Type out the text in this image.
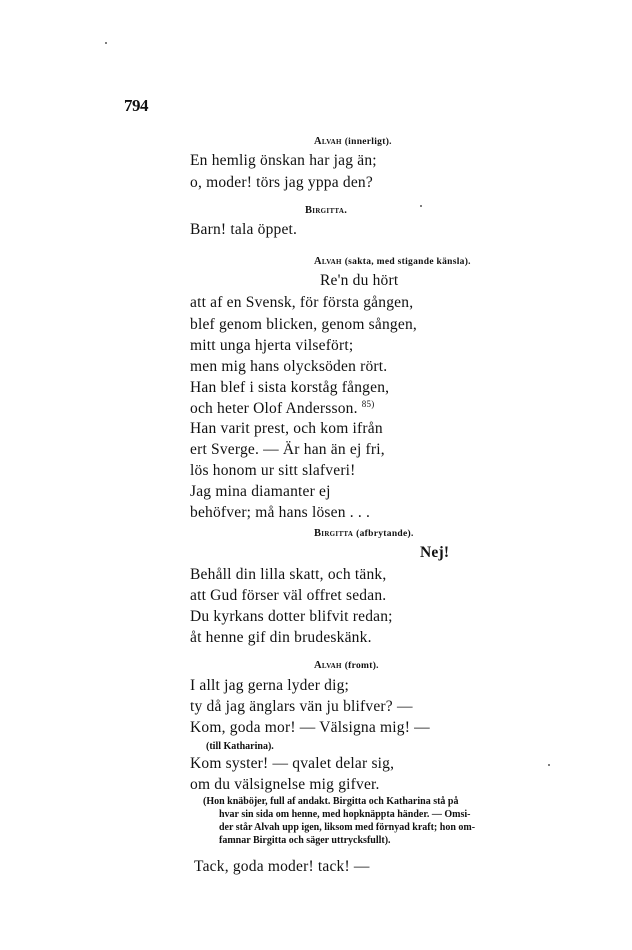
794
Alvah (innerligt).
En hemlig önskan har jag än;
o, moder! törs jag yppa den?
Birgitta.
Barn! tala öppet.
Alvah (sakta, med stigande känsla).
Re'n du hört
att af en Svensk, för första gången,
blef genom blicken, genom sången,
mitt unga hjerta vilsefört;
men mig hans olycksöden rört.
Han blef i sista korståg fången,
och heter Olof Andersson. $^{85)}$
Han varit prest, och kom ifrån
ert Sverge. — Är han än ej fri,
lös honom ur sitt slafveri!
Jag mina diamanter ej
behöfver; må hans lösen . . .
Birgitta (afbrytande).
Nej!
Behåll din lilla skatt, och tänk,
att Gud förser väl offret sedan.
Du kyrkans dotter blifvit redan;
åt henne gif din brudeskänk.
Alvah (fromt).
I allt jag gerna lyder dig;
ty då jag änglars vän ju blifver? —
Kom, goda mor! — Välsigna mig! —
(till Katharina).
Kom syster! — qvalet delar sig,
om du välsignelse mig gifver.
(Hon knäböjer, full af andakt. Birgitta och Katharina stå på
hvar sin sida om henne, med hopknäppta händer. — Omsi-
der står Alvah upp igen, liksom med förnyad kraft; hon om-
famnar Birgitta och säger uttrycksfullt).
Tack, goda moder! tack! —
